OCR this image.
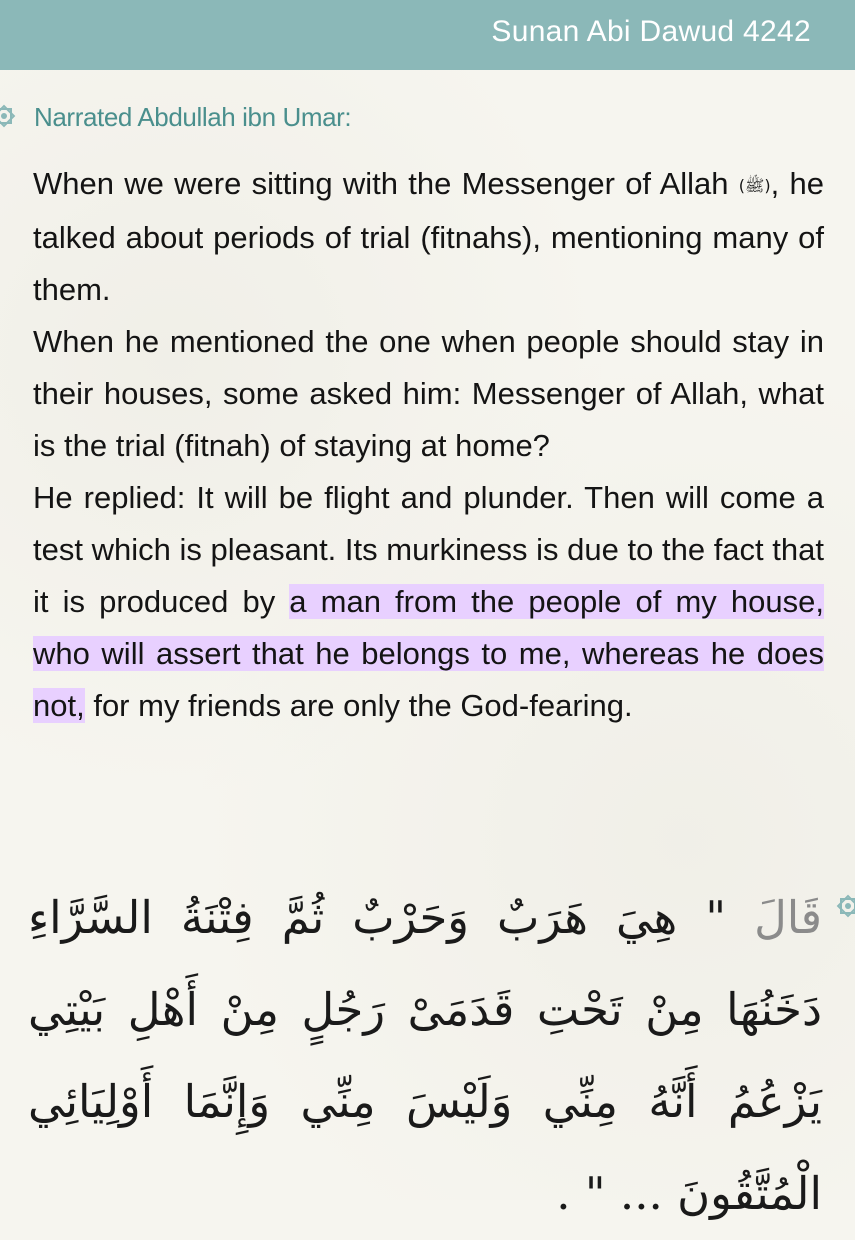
Sunan Abi Dawud 4242
Narrated Abdullah ibn Umar:

When we were sitting with the Messenger of Allah (ﷺ), he talked about periods of trial (fitnahs), mentioning many of them.

When he mentioned the one when people should stay in their houses, some asked him: Messenger of Allah, what is the trial (fitnah) of staying at home?

He replied: It will be flight and plunder. Then will come a test which is pleasant. Its murkiness is due to the fact that it is produced by a man from the people of my house, who will assert that he belongs to me, whereas he does not, for my friends are only the God-fearing.

قَالَ " هِيَ هَرَبٌ وَحَرْبٌ ثُمَّ فِتْنَةُ السَّرَّاءِ دَخَنُهَا مِنْ تَحْتِ قَدَمَىْ رَجُلٍ مِنْ أَهْلِ بَيْتِي يَزْعُمُ أَنَّهُ مِنِّي وَلَيْسَ مِنِّي وَإِنَّمَا أَوْلِيَائِي الْمُتَّقُونَ ... " .
